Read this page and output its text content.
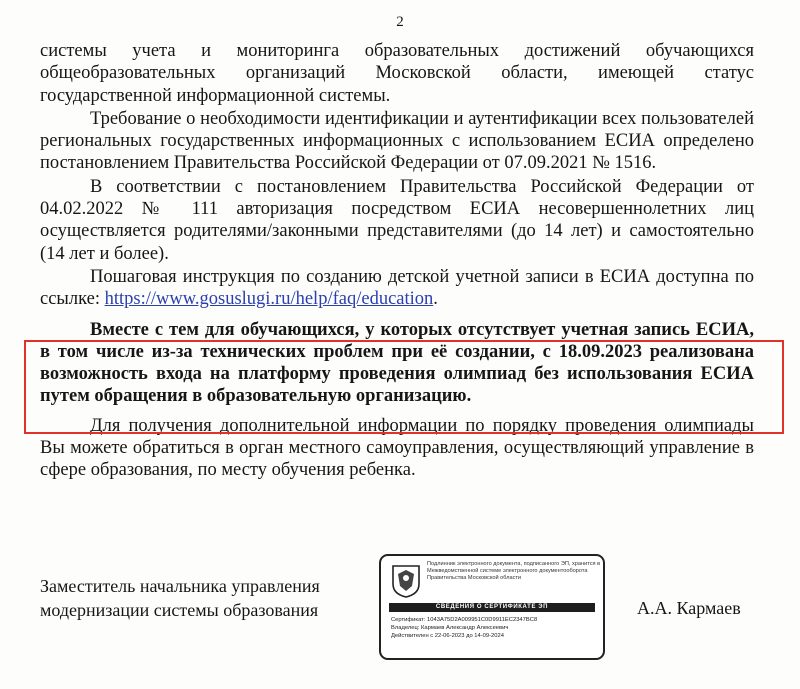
2

системы учета и мониторинга образовательных достижений обучающихся общеобразовательных организаций Московской области, имеющей статус государственной информационной системы.

Требование о необходимости идентификации и аутентификации всех пользователей региональных государственных информационных с использованием ЕСИА определено постановлением Правительства Российской Федерации от 07.09.2021 № 1516.

В соответствии с постановлением Правительства Российской Федерации от 04.02.2022 № 111 авторизация посредством ЕСИА несовершеннолетних лиц осуществляется родителями/законными представителями (до 14 лет) и самостоятельно (14 лет и более).

Пошаговая инструкция по созданию детской учетной записи в ЕСИА доступна по ссылке: https://www.gosuslugi.ru/help/faq/education.

Вместе с тем для обучающихся, у которых отсутствует учетная запись ЕСИА, в том числе из-за технических проблем при её создании, с 18.09.2023 реализована возможность входа на платформу проведения олимпиад без использования ЕСИА путем обращения в образовательную организацию.

Для получения дополнительной информации по порядку проведения олимпиады Вы можете обратиться в орган местного самоуправления, осуществляющий управление в сфере образования, по месту обучения ребенка.

Заместитель начальника управления
модернизации системы образования
Подлинник электронного документа, подписанного ЭП, хранится в Межведомственной системе электронного документооборота Правительства Московской области
СВЕДЕНИЯ О СЕРТИФИКАТЕ ЭП
Сертификат: 1043A75D2A009951C0D9911EC2347BC8
Владелец: Кармаев Александр Алексеевич
Действителен с 22-06-2023 до 14-09-2024
А.А. Кармаев
